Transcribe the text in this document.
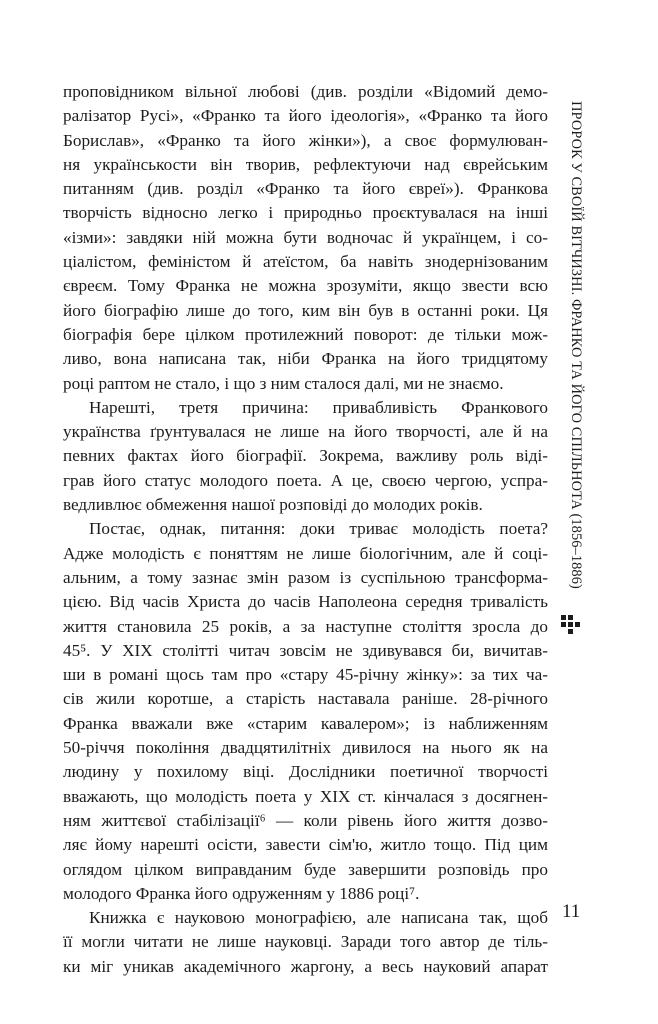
проповідником вільної любові (див. розділи «Відомий демо-
ралізатор Русі», «Франко та його ідеологія», «Франко та його
Борислав», «Франко та його жінки»), а своє формулюван-
ня українськости він творив, рефлектуючи над єврейським
питанням (див. розділ «Франко та його євреї»). Франкова
творчість відносно легко і природньо проєктувалася на інші
«ізми»: завдяки ній можна бути водночас й українцем, і со-
ціалістом, феміністом й атеїстом, ба навіть знодернізованим
євреєм. Тому Франка не можна зрозуміти, якщо звести всю
його біографію лише до того, ким він був в останні роки. Ця
біографія бере цілком протилежний поворот: де тільки мож-
ливо, вона написана так, ніби Франка на його тридцятому
році раптом не стало, і що з ним сталося далі, ми не знаємо.
Нарешті, третя причина: привабливість Франкового
українства ґрунтувалася не лише на його творчості, але й на
певних фактах його біографії. Зокрема, важливу роль віді-
грав його статус молодого поета. А це, своєю чергою, успра-
ведливлює обмеження нашої розповіді до молодих років.
Постає, однак, питання: доки триває молодість поета?
Адже молодість є поняттям не лише біологічним, але й соці-
альним, а тому зазнає змін разом із суспільною трансформа-
цією. Від часів Христа до часів Наполеона середня тривалість
життя становила 25 років, а за наступне століття зросла до
45⁵. У XIX столітті читач зовсім не здивувався би, вичитав-
ши в романі щось там про «стару 45-річну жінку»: за тих ча-
сів жили коротше, а старість наставала раніше. 28-річного
Франка вважали вже «старим кавалером»; із наближенням
50-річчя покоління двадцятилітніх дивилося на нього як на
людину у похилому віці. Дослідники поетичної творчості
вважають, що молодість поета у XIX ст. кінчалася з досягнен-
ням життєвої стабілізації⁶ — коли рівень його життя дозво-
ляє йому нарешті осісти, завести сім'ю, житло тощо. Під цим
оглядом цілком виправданим буде завершити розповідь про
молодого Франка його одруженням у 1886 році⁷.
Книжка є науковою монографією, але написана так, щоб
її могли читати не лише науковці. Заради того автор де тіль-
ки міг уникав академічного жаргону, а весь науковий апарат
ПРОРОК У СВОЇЙ ВІТЧИЗНІ. ФРАНКО ТА ЙОГО СПІЛЬНОТА (1856–1886)
11
